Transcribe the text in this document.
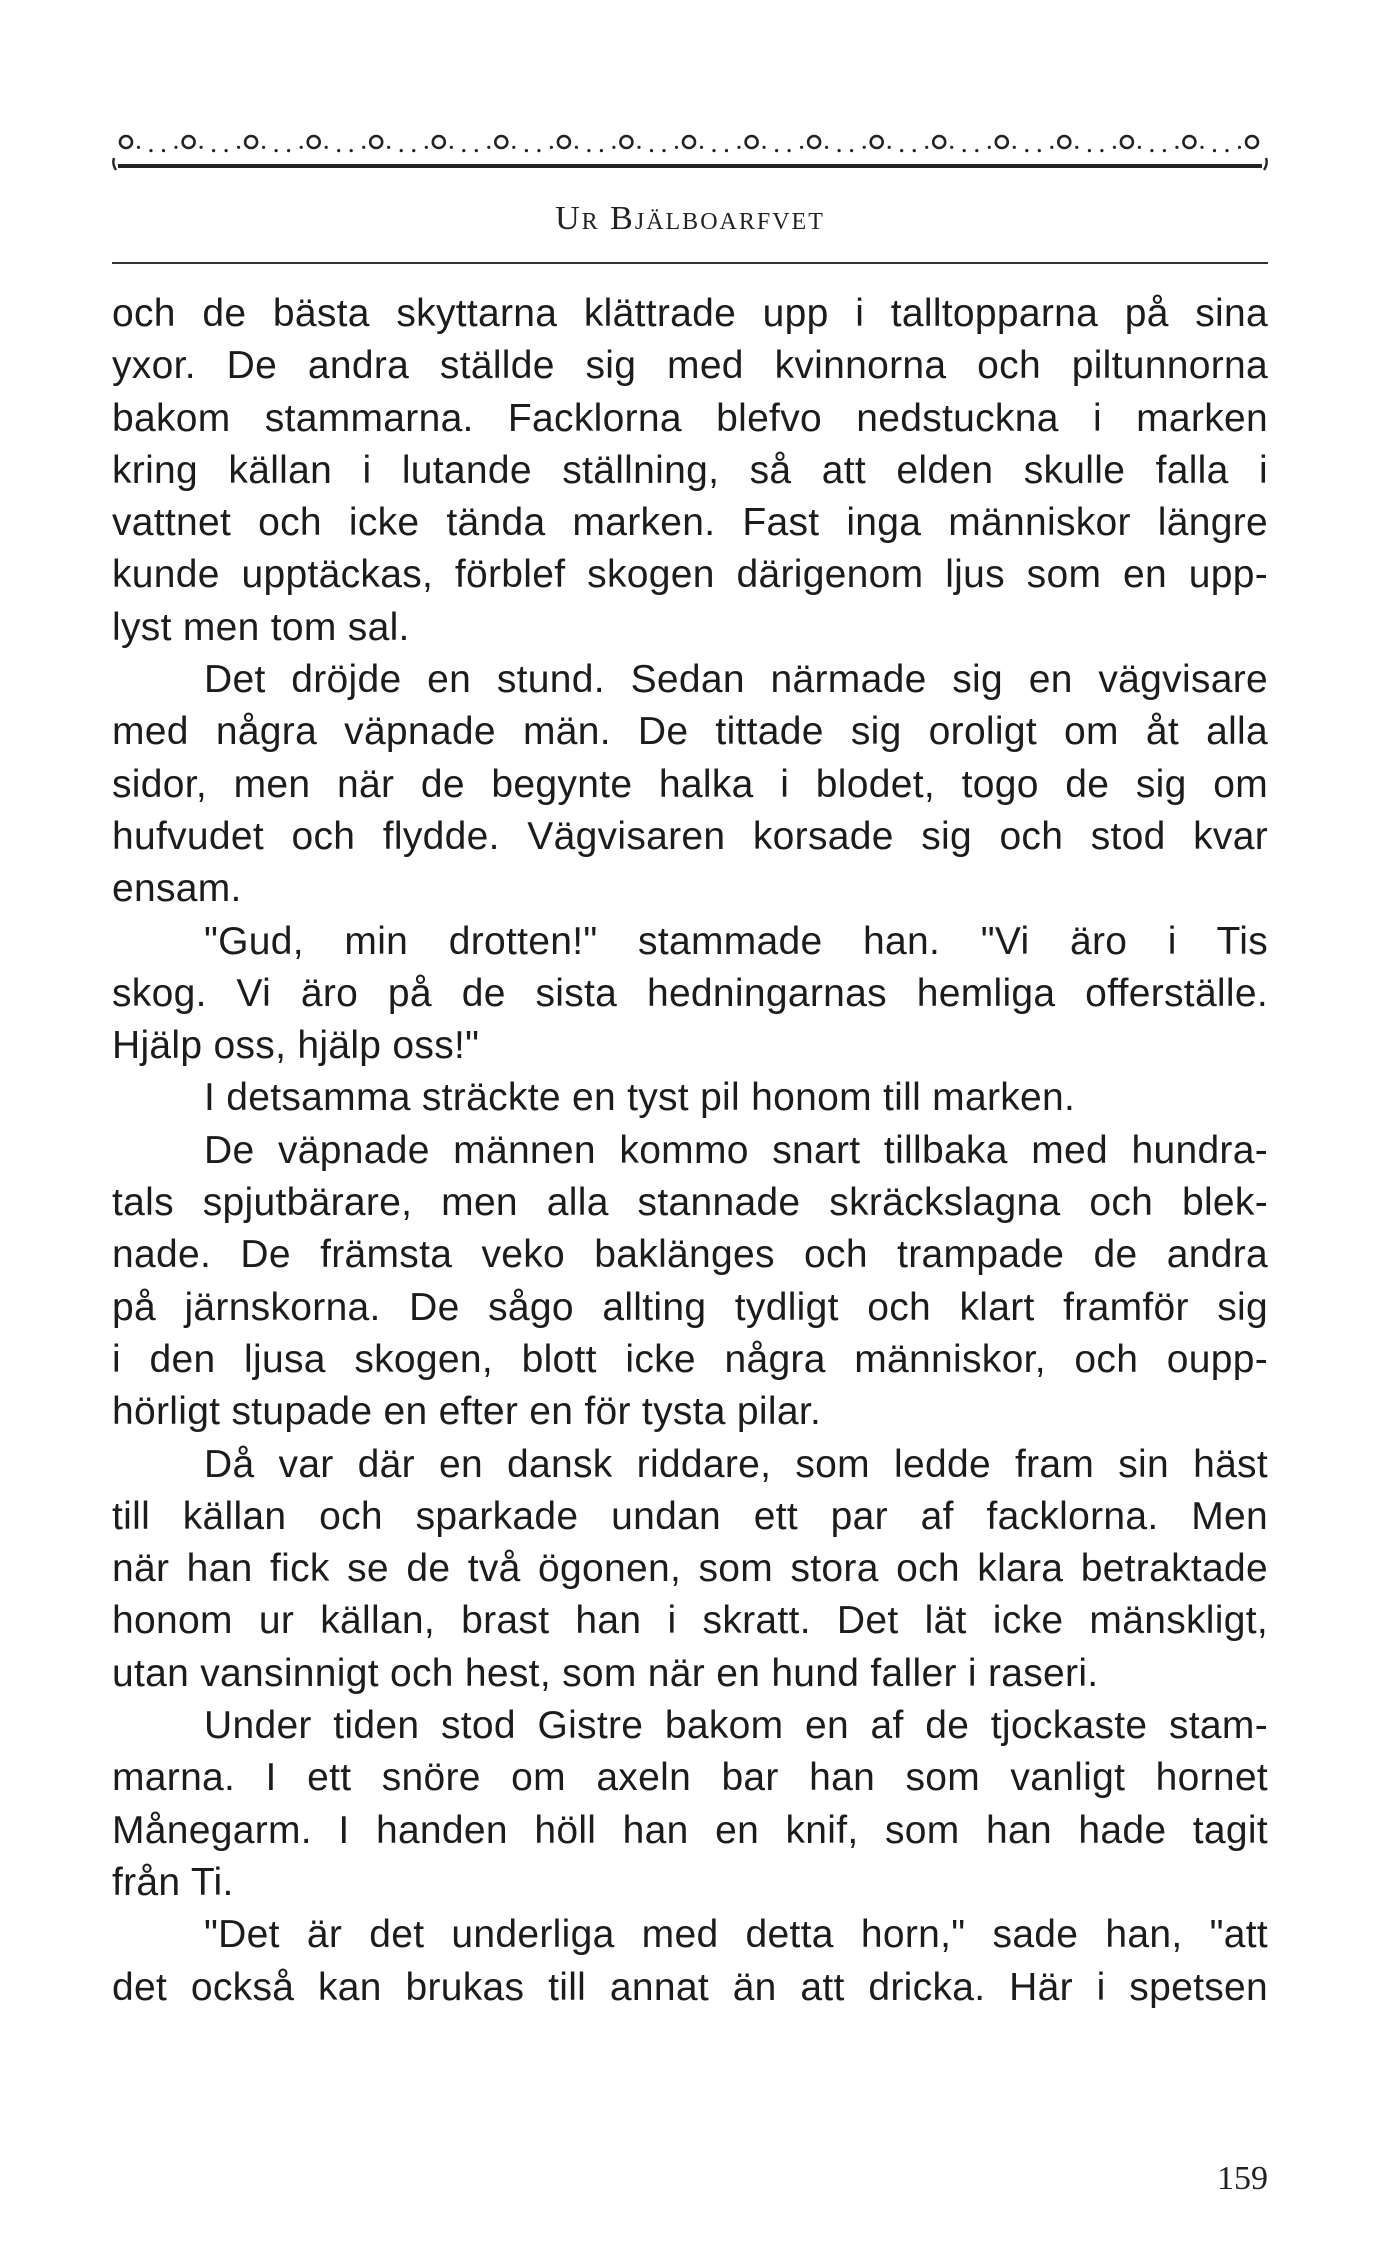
Ur Bjälboarfvet
och de bästa skyttarna klättrade upp i talltopparna på sina
yxor. De andra ställde sig med kvinnorna och piltunnorna
bakom stammarna. Facklorna blefvo nedstuckna i marken
kring källan i lutande ställning, så att elden skulle falla i
vattnet och icke tända marken. Fast inga människor längre
kunde upptäckas, förblef skogen därigenom ljus som en upp-
lyst men tom sal.
Det dröjde en stund. Sedan närmade sig en vägvisare
med några väpnade män. De tittade sig oroligt om åt alla
sidor, men när de begynte halka i blodet, togo de sig om
hufvudet och flydde. Vägvisaren korsade sig och stod kvar
ensam.
"Gud, min drotten!" stammade han. "Vi äro i Tis
skog. Vi äro på de sista hedningarnas hemliga offerställe.
Hjälp oss, hjälp oss!"
I detsamma sträckte en tyst pil honom till marken.
De väpnade männen kommo snart tillbaka med hundra-
tals spjutbärare, men alla stannade skräckslagna och blek-
nade. De främsta veko baklänges och trampade de andra
på järnskorna. De sågo allting tydligt och klart framför sig
i den ljusa skogen, blott icke några människor, och oupp-
hörligt stupade en efter en för tysta pilar.
Då var där en dansk riddare, som ledde fram sin häst
till källan och sparkade undan ett par af facklorna. Men
när han fick se de två ögonen, som stora och klara betraktade
honom ur källan, brast han i skratt. Det lät icke mänskligt,
utan vansinnigt och hest, som när en hund faller i raseri.
Under tiden stod Gistre bakom en af de tjockaste stam-
marna. I ett snöre om axeln bar han som vanligt hornet
Månegarm. I handen höll han en knif, som han hade tagit
från Ti.
"Det är det underliga med detta horn," sade han, "att
det också kan brukas till annat än att dricka. Här i spetsen
159
